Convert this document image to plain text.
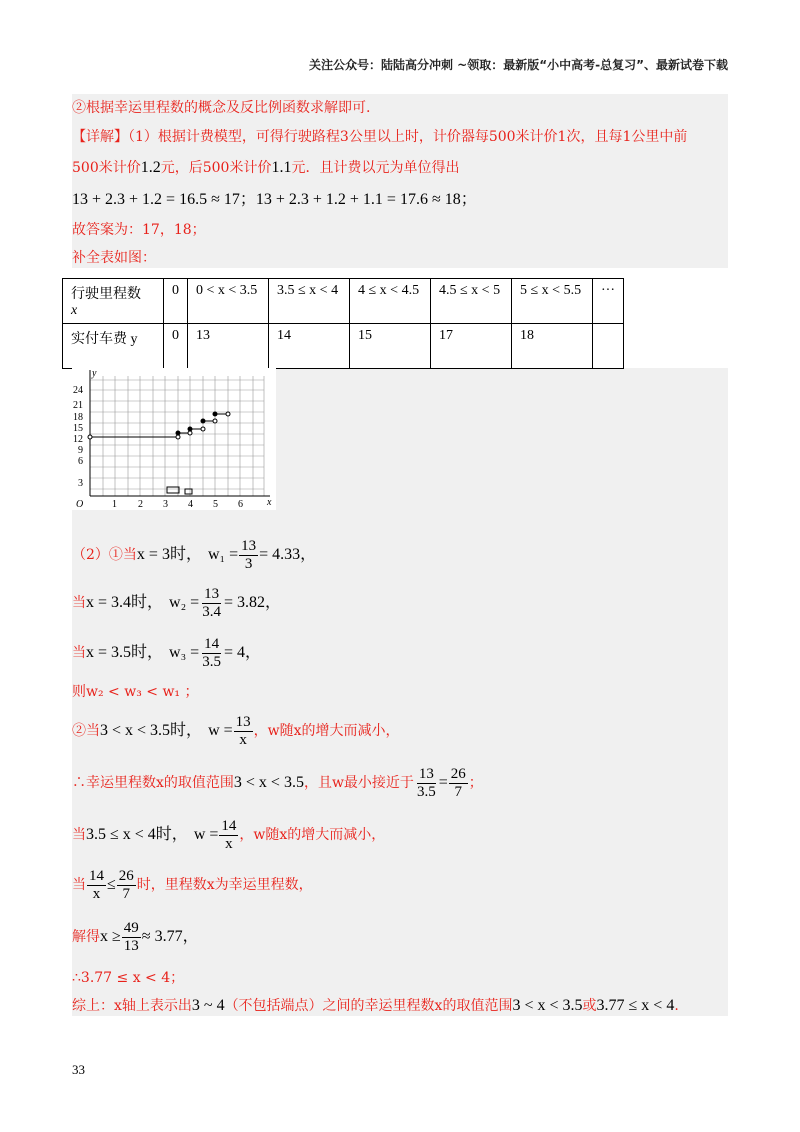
关注公众号：陆陆高分冲刺 ~领取：最新版“小中高考-总复习”、最新试卷下载
②根据幸运里程数的概念及反比例函数求解即可.
【详解】（1）根据计费模型，可得行驶路程3公里以上时，计价器每500米计价1次，且每1公里中前
500米计价1.2元，后500米计价1.1元．且计费以元为单位得出
13 + 2.3 + 1.2 = 16.5 ≈ 17；13 + 2.3 + 1.2 + 1.1 = 17.6 ≈ 18；
故答案为：17，18；
补全表如图：
行驶里程数
x	0	0 < x < 3.5	3.5 ≤ x < 4	4 ≤ x < 4.5	4.5 ≤ x < 5	5 ≤ x < 5.5	···
实付车费 y	0	13	14	15	17	18	
3
6
9
12
15
18
21
24
O	1 2 3 4 5 6 x
y
（2）①当x = 3时， $w_1 = \frac{13}{3} = 4.33$，
当x = 3.4时， $w_2 = \frac{13}{3.4} = 3.82$，
当x = 3.5时， $w_3 = \frac{14}{3.5} = 4$，
则w₂ < w₃ < w₁ ；
②当3 < x < 3.5时， $w = \frac{13}{x}$ ，w随x的增大而减小，
∴幸运里程数x的取值范围3 < x < 3.5，且w最小接近于 $\frac{13}{3.5} = \frac{26}{7}$ ；
当3.5 ≤ x < 4时， $w = \frac{14}{x}$ ，w随x的增大而减小，
当 $\frac{14}{x} \le \frac{26}{7}$ 时，里程数x为幸运里程数，
解得$x \ge \frac{49}{13} \approx 3.77$，
∴3.77 ≤ x < 4；
综上：x轴上表示出3 ~ 4（不包括端点）之间的幸运里程数x的取值范围3 < x < 3.5或3.77 ≤ x < 4.
33
